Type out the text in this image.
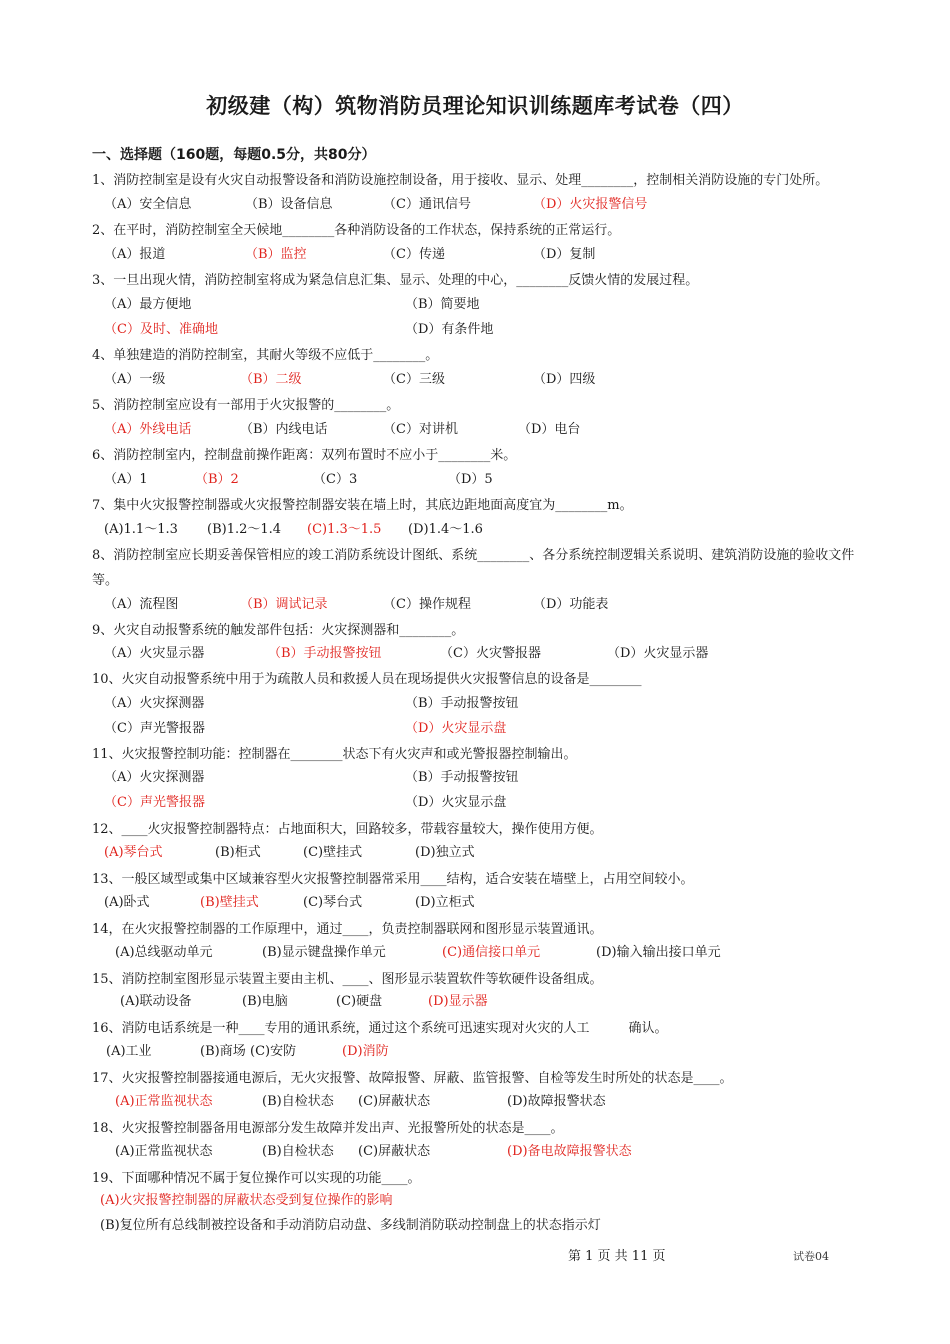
初级建（构）筑物消防员理论知识训练题库考试卷（四）
一、选择题（160题，每题0.5分，共80分）
1、消防控制室是设有火灾自动报警设备和消防设施控制设备，用于接收、显示、处理________，控制相关消防设施的专门处所。
（A）安全信息	（B）设备信息	（C）通讯信号	（D）火灾报警信号
2、在平时，消防控制室全天候地________各种消防设备的工作状态，保持系统的正常运行。
（A）报道	（B）监控	（C）传递	（D）复制
3、一旦出现火情，消防控制室将成为紧急信息汇集、显示、处理的中心，________反馈火情的发展过程。
（A）最方便地	（B）简要地
（C）及时、准确地	（D）有条件地
4、单独建造的消防控制室，其耐火等级不应低于________。
（A）一级	（B）二级	（C）三级	（D）四级
5、消防控制室应设有一部用于火灾报警的________。
（A）外线电话	（B）内线电话	（C）对讲机	（D）电台
6、消防控制室内，控制盘前操作距离：双列布置时不应小于________米。
（A）1	（B）2	（C）3	（D）5
7、集中火灾报警控制器或火灾报警控制器安装在墙上时，其底边距地面高度宜为________m。
(A)1.1～1.3 (B)1.2～1.4 (C)1.3～1.5 (D)1.4～1.6
8、消防控制室应长期妥善保管相应的竣工消防系统设计图纸、系统________、各分系统控制逻辑关系说明、建筑消防设施的验收文件等。
（A）流程图	（B）调试记录	（C）操作规程	（D）功能表
9、火灾自动报警系统的触发部件包括：火灾探测器和________。
（A）火灾显示器	（B）手动报警按钮	（C）火灾警报器	（D）火灾显示器
10、火灾自动报警系统中用于为疏散人员和救援人员在现场提供火灾报警信息的设备是________
（A）火灾探测器	（B）手动报警按钮
（C）声光警报器	（D）火灾显示盘
11、火灾报警控制功能：控制器在________状态下有火灾声和或光警报器控制输出。
（A）火灾探测器	（B）手动报警按钮
（C）声光警报器	（D）火灾显示盘
12、____火灾报警控制器特点：占地面积大，回路较多，带载容量较大，操作使用方便。
(A)琴台式	(B)柜式	(C)壁挂式	(D)独立式
13、一般区域型或集中区域兼容型火灾报警控制器常采用____结构，适合安装在墙壁上，占用空间较小。
(A)卧式	(B)壁挂式	(C)琴台式	(D)立柜式
14，在火灾报警控制器的工作原理中，通过____，负责控制器联网和图形显示装置通讯。
(A)总线驱动单元	(B)显示键盘操作单元	(C)通信接口单元	(D)输入输出接口单元
15、消防控制室图形显示装置主要由主机、____、图形显示装置软件等软硬件设备组成。
(A)联动设备	(B)电脑	(C)硬盘	(D)显示器
16、消防电话系统是一种____专用的通讯系统，通过这个系统可迅速实现对火灾的人工　　　确认。
(A)工业	(B)商场 (C)安防	(D)消防
17、火灾报警控制器接通电源后，无火灾报警、故障报警、屏蔽、监管报警、自检等发生时所处的状态是____。
(A)正常监视状态	(B)自检状态 (C)屏蔽状态	(D)故障报警状态
18、火灾报警控制器备用电源部分发生故障并发出声、光报警所处的状态是____。
(A)正常监视状态	(B)自检状态 (C)屏蔽状态	(D)备电故障报警状态
19、下面哪种情况不属于复位操作可以实现的功能____。
(A)火灾报警控制器的屏蔽状态受到复位操作的影响
(B)复位所有总线制被控设备和手动消防启动盘、多线制消防联动控制盘上的状态指示灯
第 1 页 共 11 页	试卷04
